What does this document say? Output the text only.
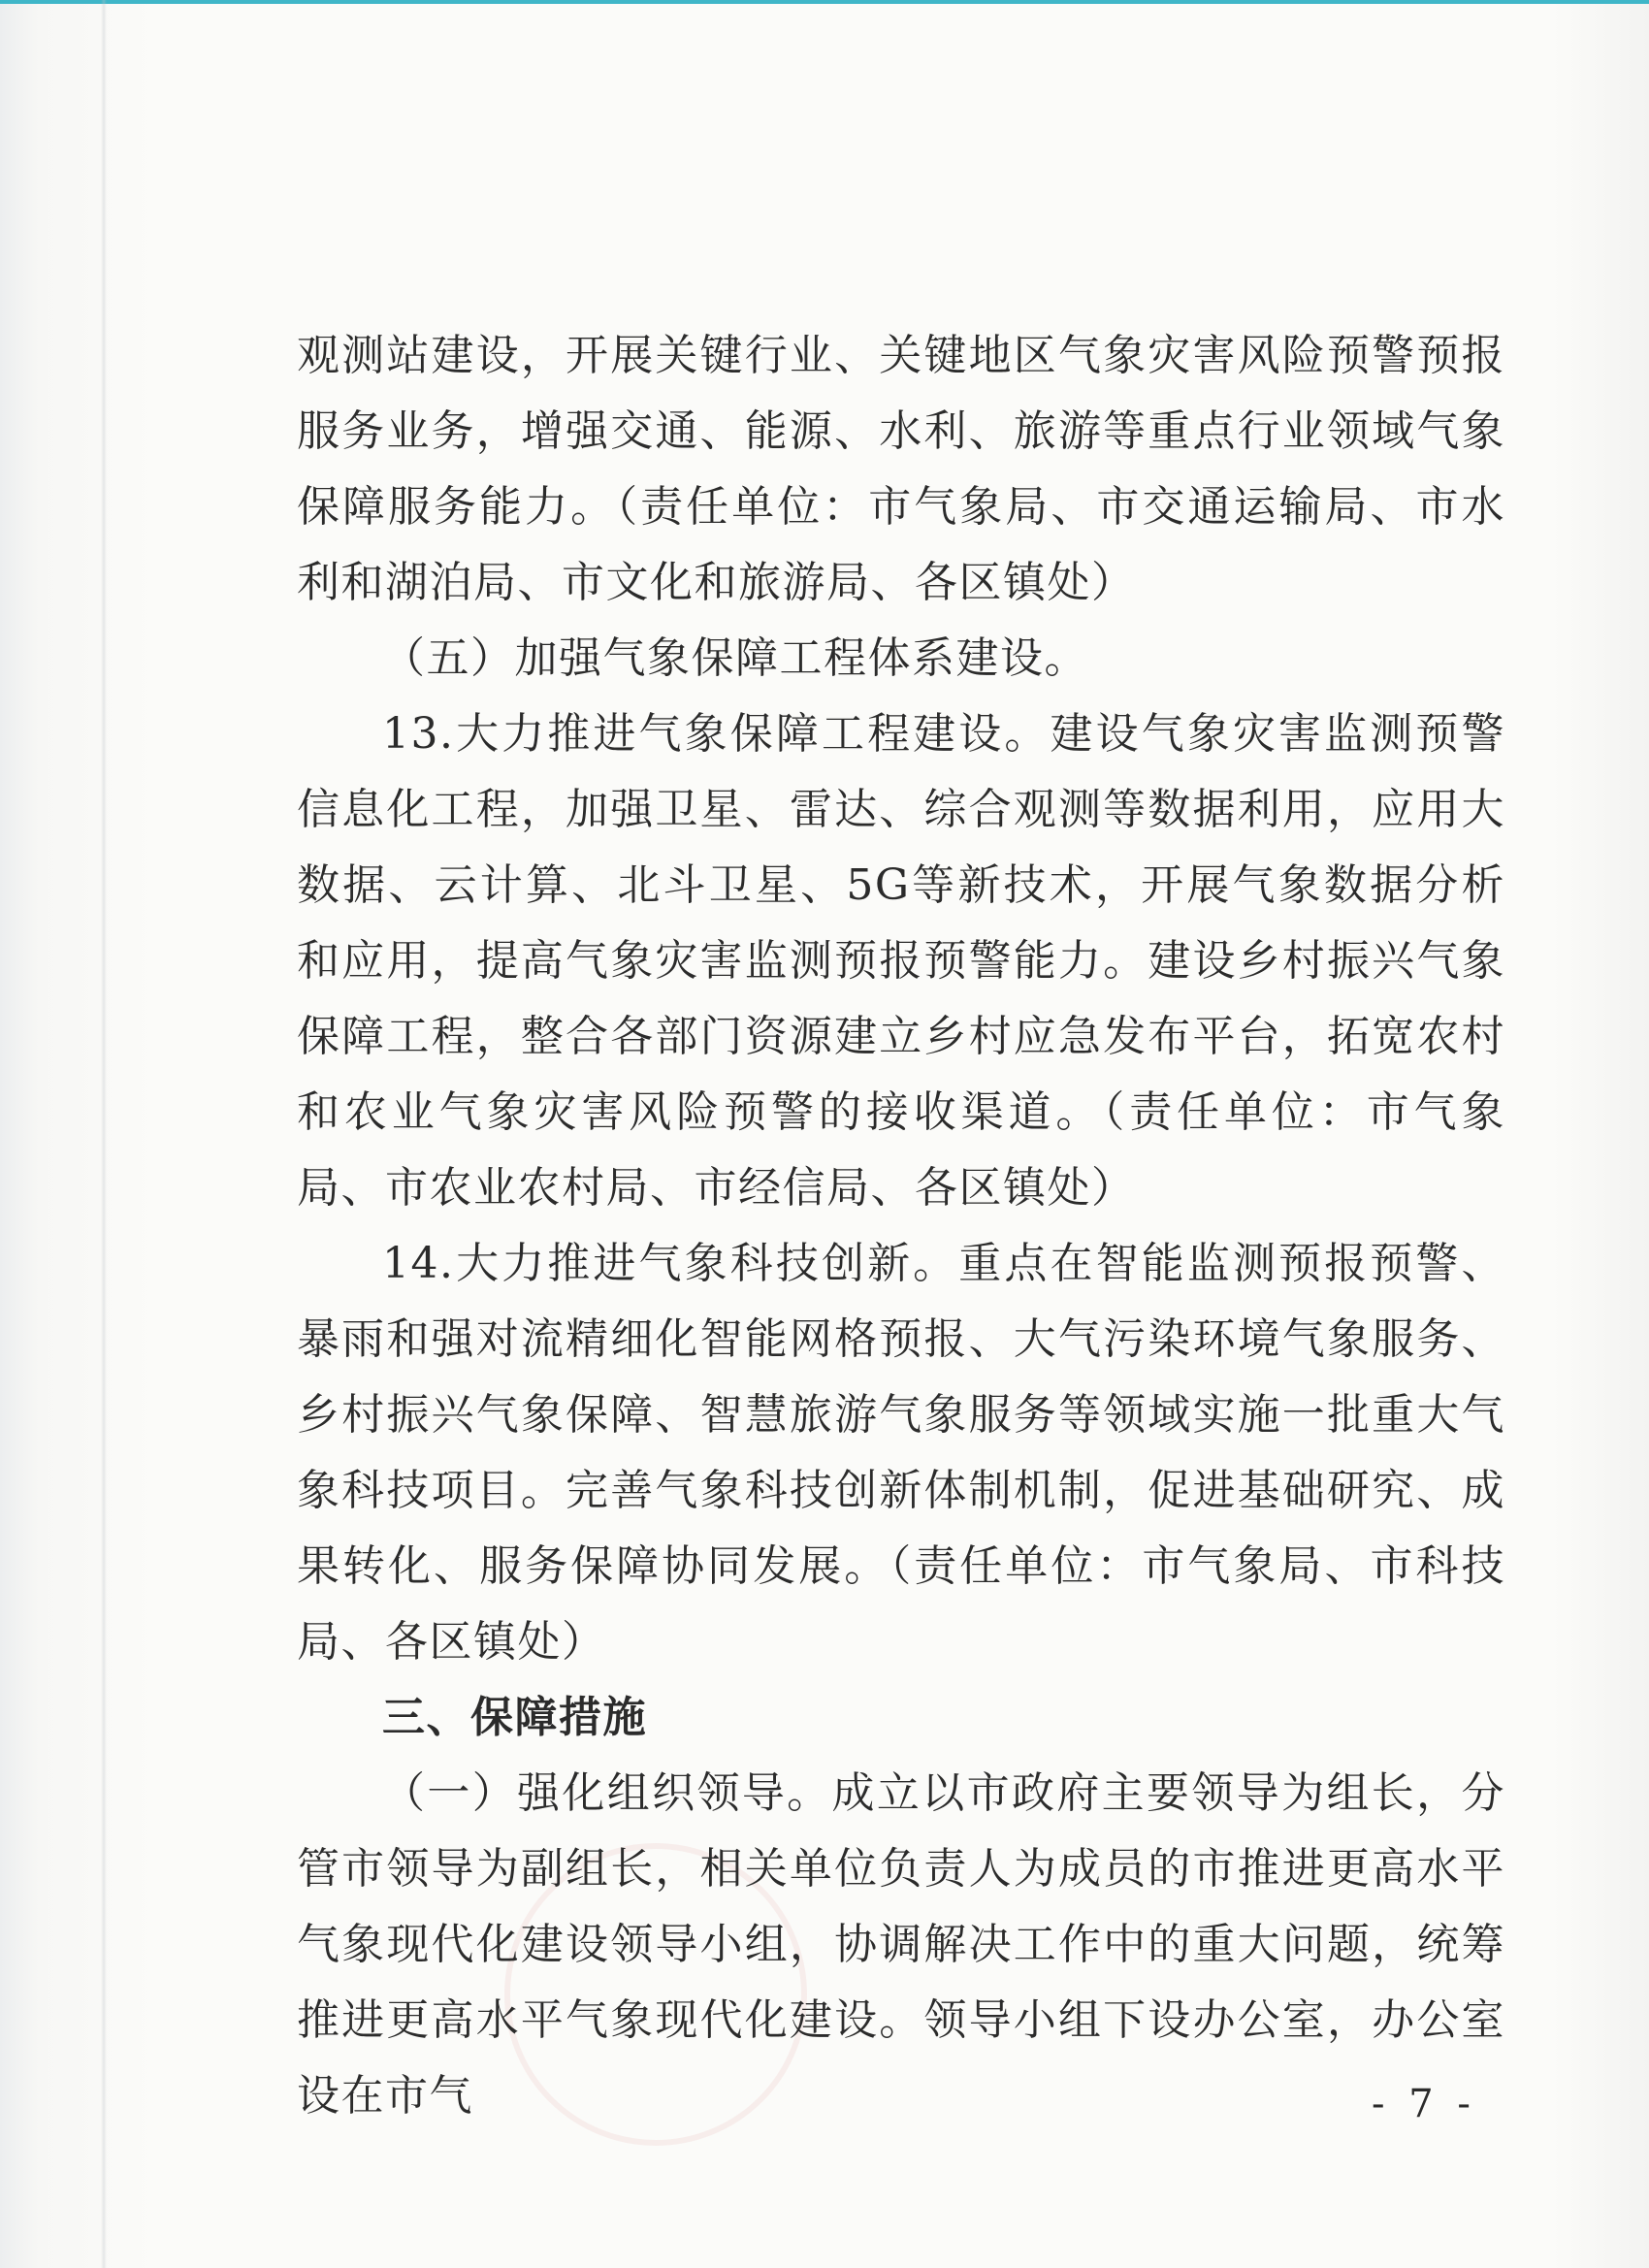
观测站建设，开展关键行业、关键地区气象灾害风险预警预报服务业务，增强交通、能源、水利、旅游等重点行业领域气象保障服务能力。（责任单位：市气象局、市交通运输局、市水利和湖泊局、市文化和旅游局、各区镇处）

（五）加强气象保障工程体系建设。

13.大力推进气象保障工程建设。建设气象灾害监测预警信息化工程，加强卫星、雷达、综合观测等数据利用，应用大数据、云计算、北斗卫星、5G等新技术，开展气象数据分析和应用，提高气象灾害监测预报预警能力。建设乡村振兴气象保障工程，整合各部门资源建立乡村应急发布平台，拓宽农村和农业气象灾害风险预警的接收渠道。（责任单位：市气象局、市农业农村局、市经信局、各区镇处）

14.大力推进气象科技创新。重点在智能监测预报预警、暴雨和强对流精细化智能网格预报、大气污染环境气象服务、乡村振兴气象保障、智慧旅游气象服务等领域实施一批重大气象科技项目。完善气象科技创新体制机制，促进基础研究、成果转化、服务保障协同发展。（责任单位：市气象局、市科技局、各区镇处）

三、保障措施

（一）强化组织领导。成立以市政府主要领导为组长，分管市领导为副组长，相关单位负责人为成员的市推进更高水平气象现代化建设领导小组，协调解决工作中的重大问题，统筹推进更高水平气象现代化建设。领导小组下设办公室，办公室设在市气	- 7 -
